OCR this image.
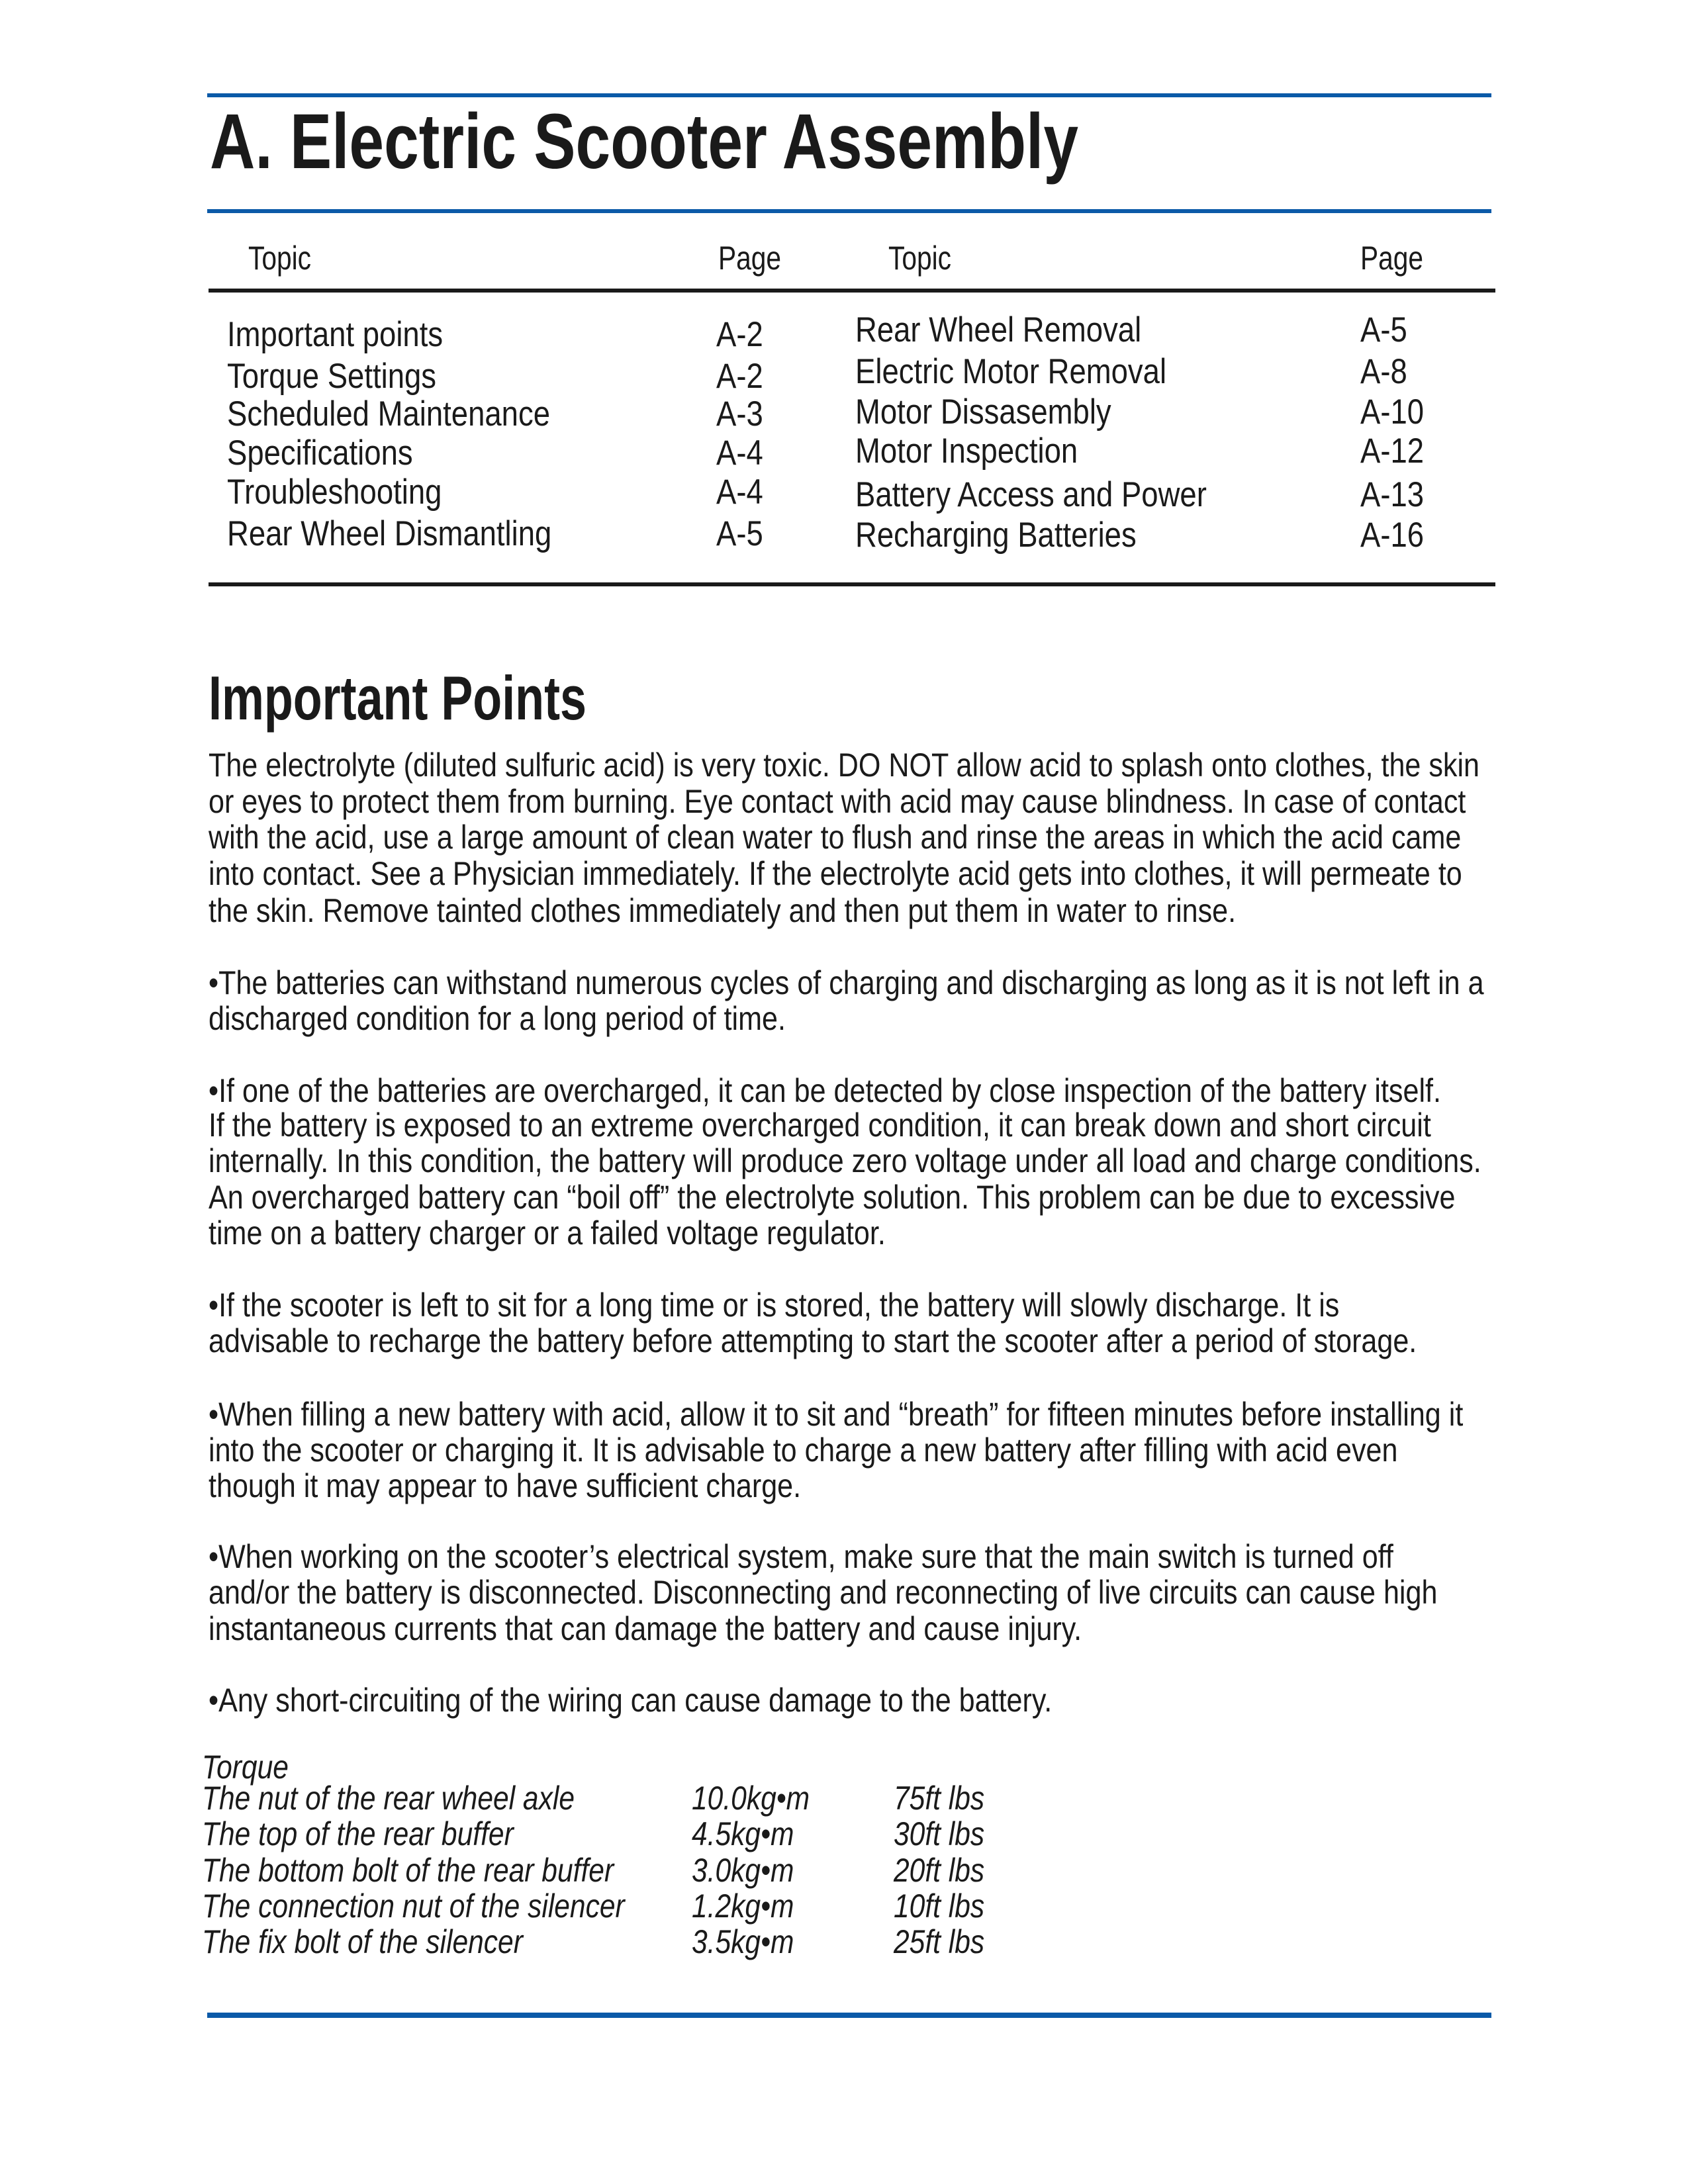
A. Electric Scooter Assembly
Topic	Page	Topic	Page
Important points	A-2
Torque Settings	A-2
Scheduled Maintenance	A-3
Specifications	A-4
Troubleshooting	A-4
Rear Wheel Dismantling	A-5
Rear Wheel Removal	A-5
Electric Motor Removal	A-8
Motor Dissasembly	A-10
Motor Inspection	A-12
Battery Access and Power	A-13
Recharging Batteries	A-16
Important Points
The electrolyte (diluted sulfuric acid) is very toxic. DO NOT allow acid to splash onto clothes, the skin
or eyes to protect them from burning. Eye contact with acid may cause blindness. In case of contact
with the acid, use a large amount of clean water to flush and rinse the areas in which the acid came
into contact. See a Physician immediately. If the electrolyte acid gets into clothes, it will permeate to
the skin. Remove tainted clothes immediately and then put them in water to rinse.
•The batteries can withstand numerous cycles of charging and discharging as long as it is not left in a
discharged condition for a long period of time.
•If one of the batteries are overcharged, it can be detected by close inspection of the battery itself.
If the battery is exposed to an extreme overcharged condition, it can break down and short circuit
internally. In this condition, the battery will produce zero voltage under all load and charge conditions.
An overcharged battery can “boil off” the electrolyte solution. This problem can be due to excessive
time on a battery charger or a failed voltage regulator.
•If the scooter is left to sit for a long time or is stored, the battery will slowly discharge. It is
advisable to recharge the battery before attempting to start the scooter after a period of storage.
•When filling a new battery with acid, allow it to sit and “breath” for fifteen minutes before installing it
into the scooter or charging it. It is advisable to charge a new battery after filling with acid even
though it may appear to have sufficient charge.
•When working on the scooter’s electrical system, make sure that the main switch is turned off
and/or the battery is disconnected. Disconnecting and reconnecting of live circuits can cause high
instantaneous currents that can damage the battery and cause injury.
•Any short-circuiting of the wiring can cause damage to the battery.
Torque
The nut of the rear wheel axle	10.0kg•m	75ft lbs
The top of the rear buffer	4.5kg•m	30ft lbs
The bottom bolt of the rear buffer 3.0kg•m	20ft lbs
The connection nut of the silencer 1.2kg•m	10ft lbs
The fix bolt of the silencer	3.5kg•m	25ft lbs
